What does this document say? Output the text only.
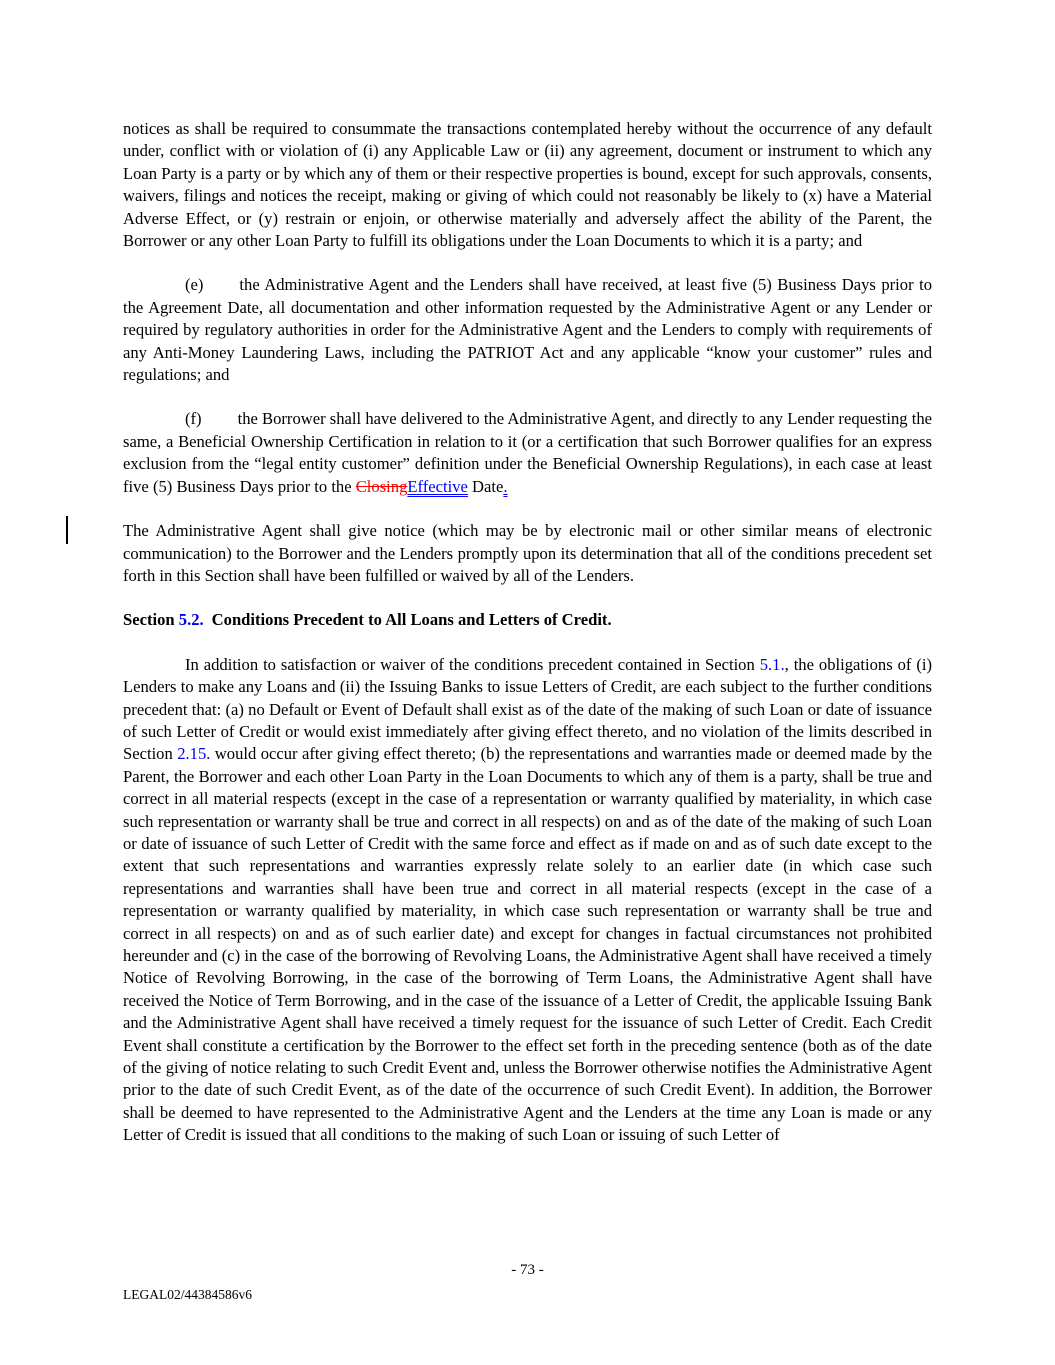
notices as shall be required to consummate the transactions contemplated hereby without the occurrence of any default under, conflict with or violation of (i) any Applicable Law or (ii) any agreement, document or instrument to which any Loan Party is a party or by which any of them or their respective properties is bound, except for such approvals, consents, waivers, filings and notices the receipt, making or giving of which could not reasonably be likely to (x) have a Material Adverse Effect, or (y) restrain or enjoin, or otherwise materially and adversely affect the ability of the Parent, the Borrower or any other Loan Party to fulfill its obligations under the Loan Documents to which it is a party; and

(e) the Administrative Agent and the Lenders shall have received, at least five (5) Business Days prior to the Agreement Date, all documentation and other information requested by the Administrative Agent or any Lender or required by regulatory authorities in order for the Administrative Agent and the Lenders to comply with requirements of any Anti-Money Laundering Laws, including the PATRIOT Act and any applicable “know your customer” rules and regulations; and

(f) the Borrower shall have delivered to the Administrative Agent, and directly to any Lender requesting the same, a Beneficial Ownership Certification in relation to it (or a certification that such Borrower qualifies for an express exclusion from the “legal entity customer” definition under the Beneficial Ownership Regulations), in each case at least five (5) Business Days prior to the ClosingEffective Date.

The Administrative Agent shall give notice (which may be by electronic mail or other similar means of electronic communication) to the Borrower and the Lenders promptly upon its determination that all of the conditions precedent set forth in this Section shall have been fulfilled or waived by all of the Lenders.

Section 5.2. Conditions Precedent to All Loans and Letters of Credit.

In addition to satisfaction or waiver of the conditions precedent contained in Section 5.1., the obligations of (i) Lenders to make any Loans and (ii) the Issuing Banks to issue Letters of Credit, are each subject to the further conditions precedent that: (a) no Default or Event of Default shall exist as of the date of the making of such Loan or date of issuance of such Letter of Credit or would exist immediately after giving effect thereto, and no violation of the limits described in Section 2.15. would occur after giving effect thereto; (b) the representations and warranties made or deemed made by the Parent, the Borrower and each other Loan Party in the Loan Documents to which any of them is a party, shall be true and correct in all material respects (except in the case of a representation or warranty qualified by materiality, in which case such representation or warranty shall be true and correct in all respects) on and as of the date of the making of such Loan or date of issuance of such Letter of Credit with the same force and effect as if made on and as of such date except to the extent that such representations and warranties expressly relate solely to an earlier date (in which case such representations and warranties shall have been true and correct in all material respects (except in the case of a representation or warranty qualified by materiality, in which case such representation or warranty shall be true and correct in all respects) on and as of such earlier date) and except for changes in factual circumstances not prohibited hereunder and (c) in the case of the borrowing of Revolving Loans, the Administrative Agent shall have received a timely Notice of Revolving Borrowing, in the case of the borrowing of Term Loans, the Administrative Agent shall have received the Notice of Term Borrowing, and in the case of the issuance of a Letter of Credit, the applicable Issuing Bank and the Administrative Agent shall have received a timely request for the issuance of such Letter of Credit. Each Credit Event shall constitute a certification by the Borrower to the effect set forth in the preceding sentence (both as of the date of the giving of notice relating to such Credit Event and, unless the Borrower otherwise notifies the Administrative Agent prior to the date of such Credit Event, as of the date of the occurrence of such Credit Event). In addition, the Borrower shall be deemed to have represented to the Administrative Agent and the Lenders at the time any Loan is made or any Letter of Credit is issued that all conditions to the making of such Loan or issuing of such Letter of

- 73 -
LEGAL02/44384586v6
